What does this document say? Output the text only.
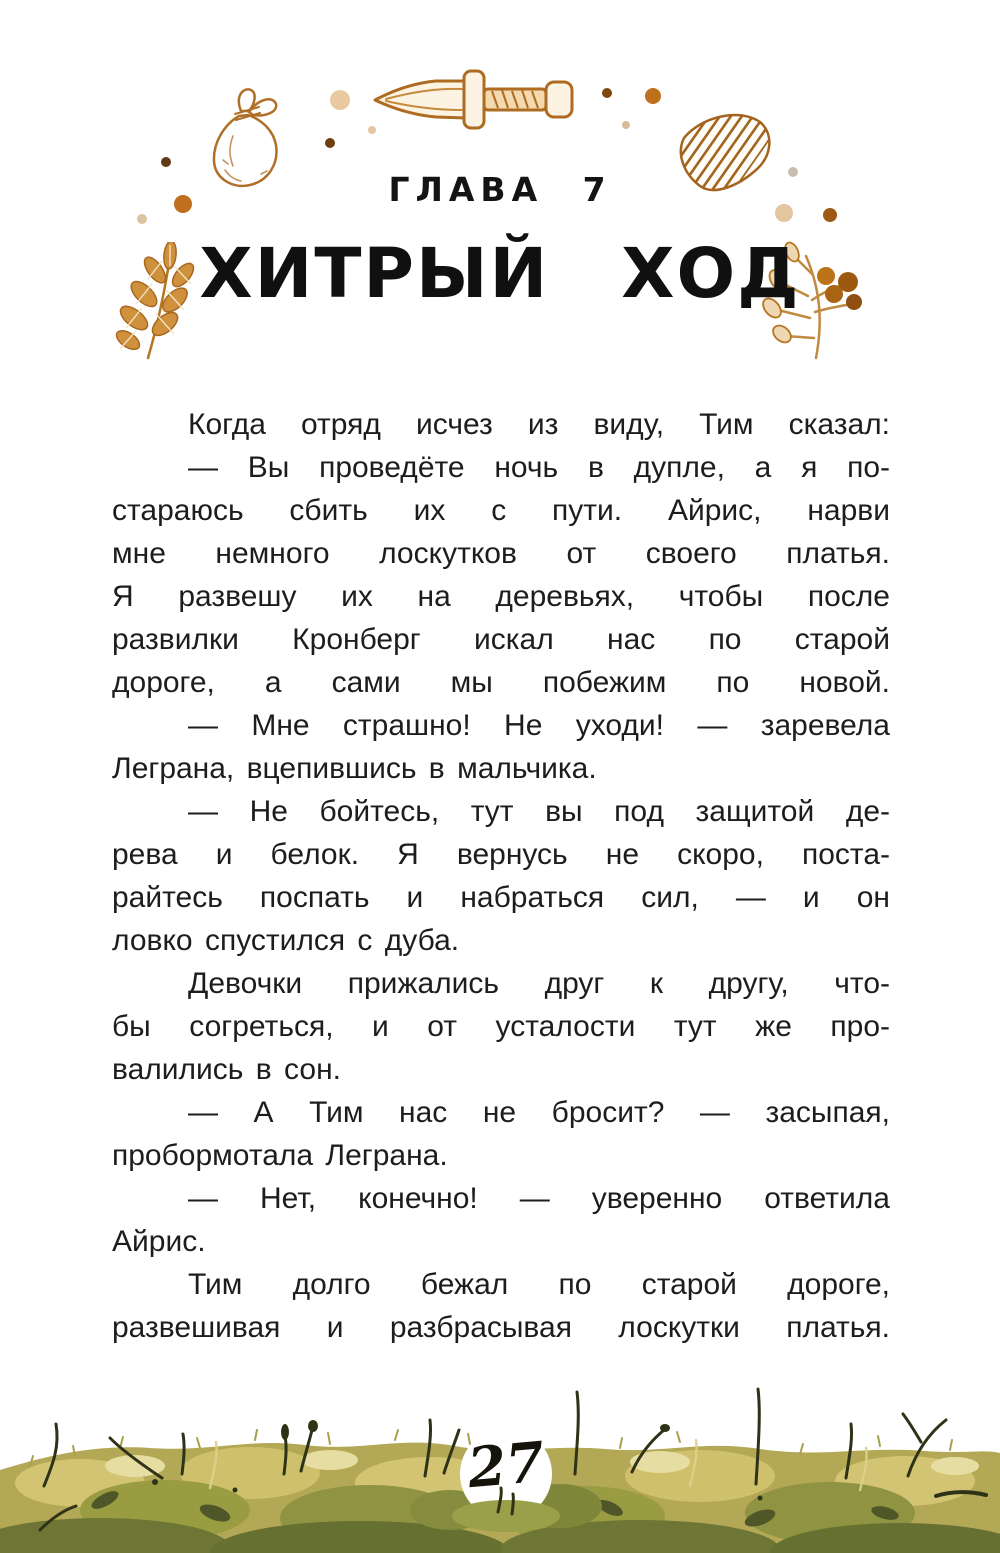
ГЛАВА 7
ХИТРЫЙ ХОД
Когда отряд исчез из виду, Тим сказал:
— Вы проведёте ночь в дупле, а я по-
стараюсь сбить их с пути. Айрис, нарви
мне немного лоскутков от своего платья.
Я развешу их на деревьях, чтобы после
развилки Кронберг искал нас по старой
дороге, а сами мы побежим по новой.
— Мне страшно! Не уходи! — заревела
Леграна, вцепившись в мальчика.
— Не бойтесь, тут вы под защитой де-
рева и белок. Я вернусь не скоро, поста-
райтесь поспать и набраться сил, — и он
ловко спустился с дуба.
Девочки прижались друг к другу, что-
бы согреться, и от усталости тут же про-
валились в сон.
— А Тим нас не бросит? — засыпая,
пробормотала Леграна.
— Нет, конечно! — уверенно ответила
Айрис.
Тим долго бежал по старой дороге,
развешивая и разбрасывая лоскутки платья.
27
